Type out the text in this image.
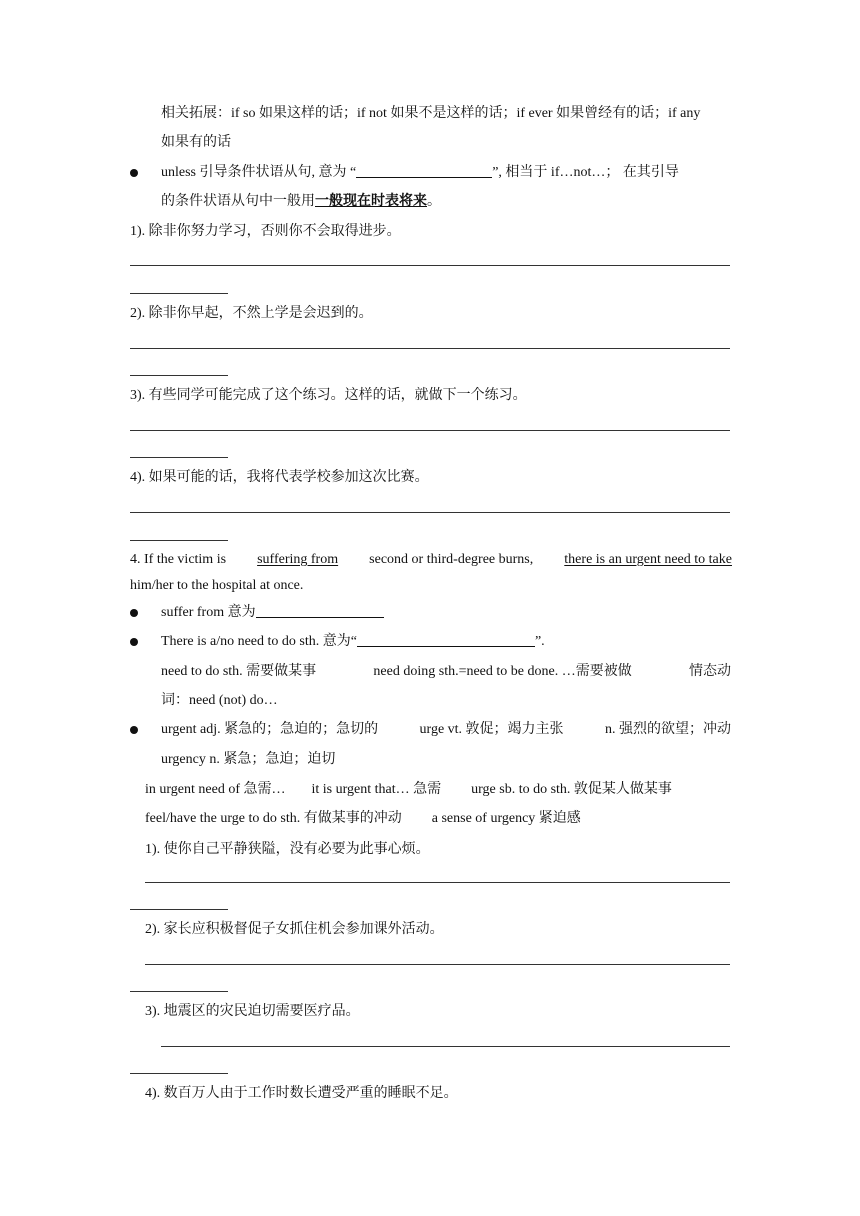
相关拓展：if so 如果这样的话；if not 如果不是这样的话；if ever 如果曾经有的话；if any
如果有的话
unless 引导条件状语从句, 意为 “	”, 相当于 if…not…； 在其引导
的条件状语从句中一般用一般现在时表将来。
1). 除非你努力学习，否则你不会取得进步。
2). 除非你早起，不然上学是会迟到的。
3). 有些同学可能完成了这个练习。这样的话，就做下一个练习。
4). 如果可能的话，我将代表学校参加这次比赛。
4. If the victim is suffering from second or third-degree burns, there is an urgent need to take
him/her to the hospital at once.
suffer from 意为
There is a/no need to do sth. 意为“	”.
need to do sth. 需要做某事	need doing sth.=need to be done. …需要被做	情态动
词：need (not) do…
urgent adj. 紧急的；急迫的；急切的	urge vt. 敦促；竭力主张	n. 强烈的欲望；冲动
urgency n. 紧急；急迫；迫切
in urgent need of 急需… it is urgent that… 急需 urge sb. to do sth. 敦促某人做某事
feel/have the urge to do sth. 有做某事的冲动 a sense of urgency 紧迫感
1). 使你自己平静狭隘，没有必要为此事心烦。
2). 家长应积极督促子女抓住机会参加课外活动。
3). 地震区的灾民迫切需要医疗品。
4). 数百万人由于工作时数长遭受严重的睡眠不足。
